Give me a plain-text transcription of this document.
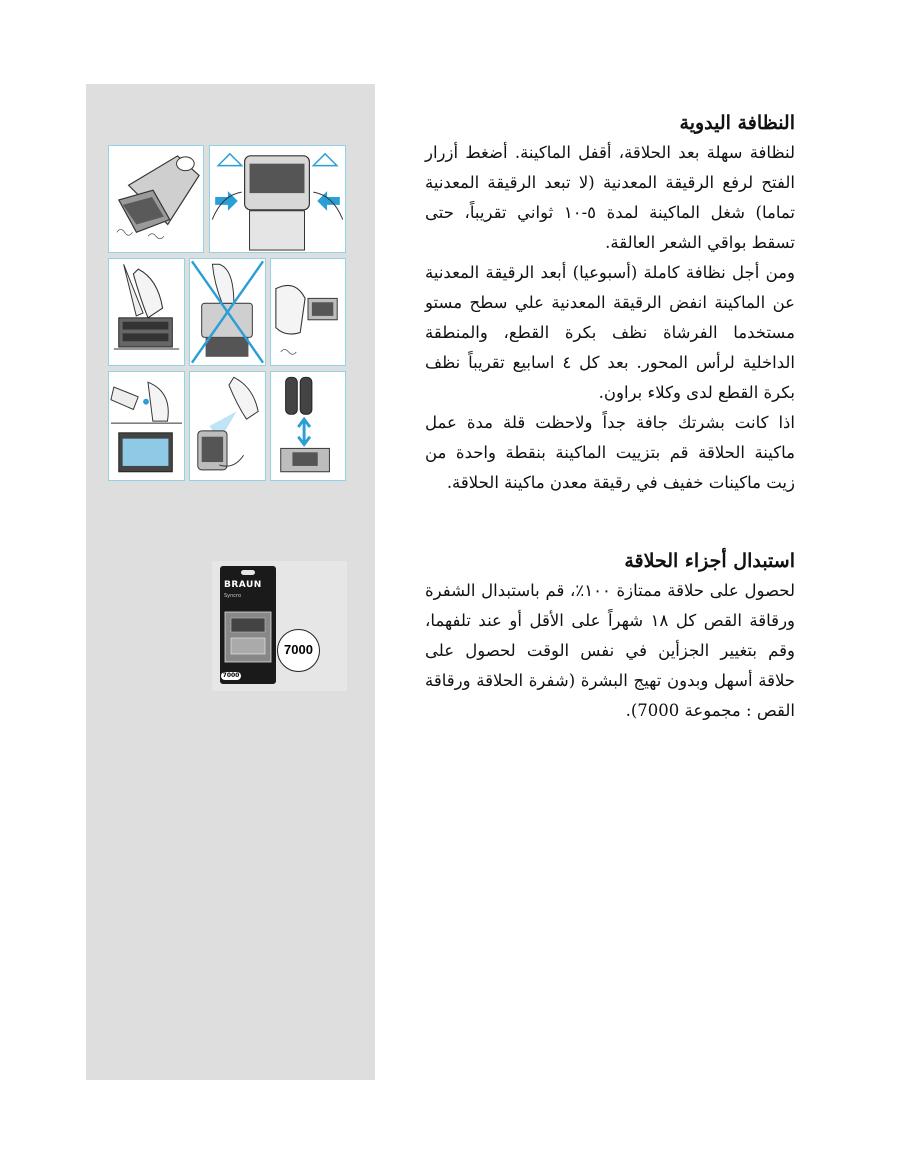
BRAUN
Syncro
7000
7000
النظافة اليدوية

لنظافة سهلة بعد الحلاقة، أقفل الماكينة. أضغط أزرار الفتح لرفع الرقيقة المعدنية (لا تبعد الرقيقة المعدنية تماما) شغل الماكينة لمدة ٥-١٠ ثواني تقريباً، حتى تسقط بواقي الشعر العالقة.

ومن أجل نظافة كاملة (أسبوعيا) أبعد الرقيقة المعدنية عن الماكينة انفض الرقيقة المعدنية علي سطح مستو مستخدما الفرشاة نظف بكرة القطع، والمنطقة الداخلية لرأس المحور. بعد كل ٤ اسابيع تقريباً نظف بكرة القطع لدى وكلاء براون.

اذا كانت بشرتك جافة جداً ولاحظت قلة مدة عمل ماكينة الحلاقة قم بتزييت الماكينة بنقطة واحدة من زيت ماكينات خفيف في رقيقة معدن ماكينة الحلاقة.

استبدال أجزاء الحلاقة

لحصول على حلاقة ممتازة ١٠٠٪، قم باستبدال الشفرة ورقاقة القص كل ١٨ شهراً على الأقل أو عند تلفهما، وقم بتغيير الجزأين في نفس الوقت لحصول على حلاقة أسهل وبدون تهيج البشرة (شفرة الحلاقة ورقاقة القص : مجموعة 7000).
